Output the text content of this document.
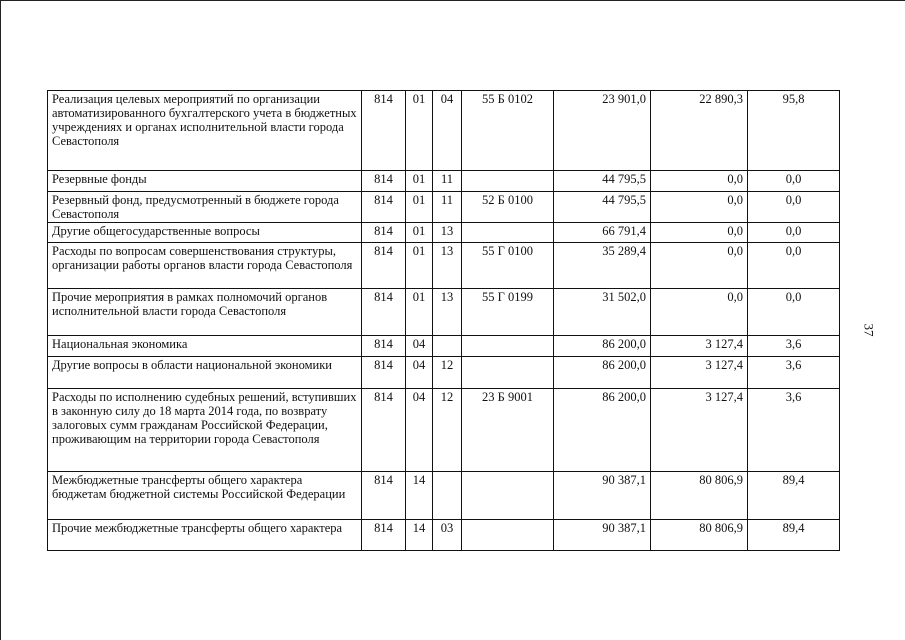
37
Реализация целевых мероприятий по организации автоматизированного бухгалтерского учета в бюджетных учреждениях и органах исполнительной власти города Севастополя	814	01	04	55 Б 0102	23 901,0	22 890,3	95,8
Резервные фонды	814	01	11		44 795,5	0,0	0,0
Резервный фонд, предусмотренный в бюджете города Севастополя	814	01	11	52 Б 0100	44 795,5	0,0	0,0
Другие общегосударственные вопросы	814	01	13		66 791,4	0,0	0,0
Расходы по вопросам совершенствования структуры, организации работы органов власти города Севастополя	814	01	13	55 Г 0100	35 289,4	0,0	0,0
Прочие мероприятия в рамках полномочий органов исполнительной власти города Севастополя	814	01	13	55 Г 0199	31 502,0	0,0	0,0
Национальная экономика	814	04			86 200,0	3 127,4	3,6
Другие вопросы в области национальной экономики	814	04	12		86 200,0	3 127,4	3,6
Расходы по исполнению судебных решений, вступивших в законную силу до 18 марта 2014 года, по возврату залоговых сумм гражданам Российской Федерации, проживающим на территории города Севастополя	814	04	12	23 Б 9001	86 200,0	3 127,4	3,6
Межбюджетные трансферты общего характера бюджетам бюджетной системы Российской Федерации	814	14			90 387,1	80 806,9	89,4
Прочие межбюджетные трансферты общего характера	814	14	03		90 387,1	80 806,9	89,4
